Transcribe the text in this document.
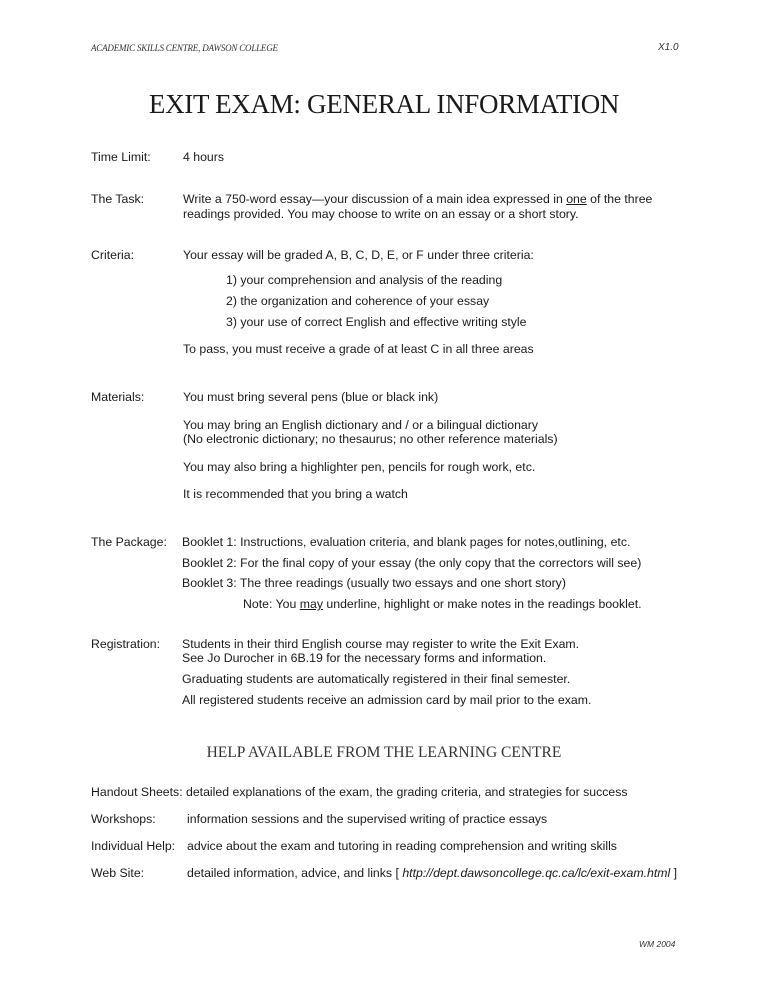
ACADEMIC SKILLS CENTRE, DAWSON COLLEGE	X1.0
EXIT EXAM: GENERAL INFORMATION
Time Limit:	4 hours
The Task:	Write a 750-word essay—your discussion of a main idea expressed in one of the three
readings provided. You may choose to write on an essay or a short story.
Criteria:	Your essay will be graded A, B, C, D, E, or F under three criteria:
1) your comprehension and analysis of the reading
2) the organization and coherence of your essay
3) your use of correct English and effective writing style
To pass, you must receive a grade of at least C in all three areas
Materials:	You must bring several pens (blue or black ink)
You may bring an English dictionary and / or a bilingual dictionary
(No electronic dictionary; no thesaurus; no other reference materials)
You may also bring a highlighter pen, pencils for rough work, etc.
It is recommended that you bring a watch
The Package: Booklet 1: Instructions, evaluation criteria, and blank pages for notes,outlining, etc.
Booklet 2: For the final copy of your essay (the only copy that the correctors will see)
Booklet 3: The three readings (usually two essays and one short story)
Note: You may underline, highlight or make notes in the readings booklet.
Registration: Students in their third English course may register to write the Exit Exam.
See Jo Durocher in 6B.19 for the necessary forms and information.
Graduating students are automatically registered in their final semester.
All registered students receive an admission card by mail prior to the exam.
HELP AVAILABLE FROM THE LEARNING CENTRE
Handout Sheets: detailed explanations of the exam, the grading criteria, and strategies for success
Workshops:	information sessions and the supervised writing of practice essays
Individual Help: advice about the exam and tutoring in reading comprehension and writing skills
Web Site:	detailed information, advice, and links [ http://dept.dawsoncollege.qc.ca/lc/exit-exam.html ]
WM 2004
